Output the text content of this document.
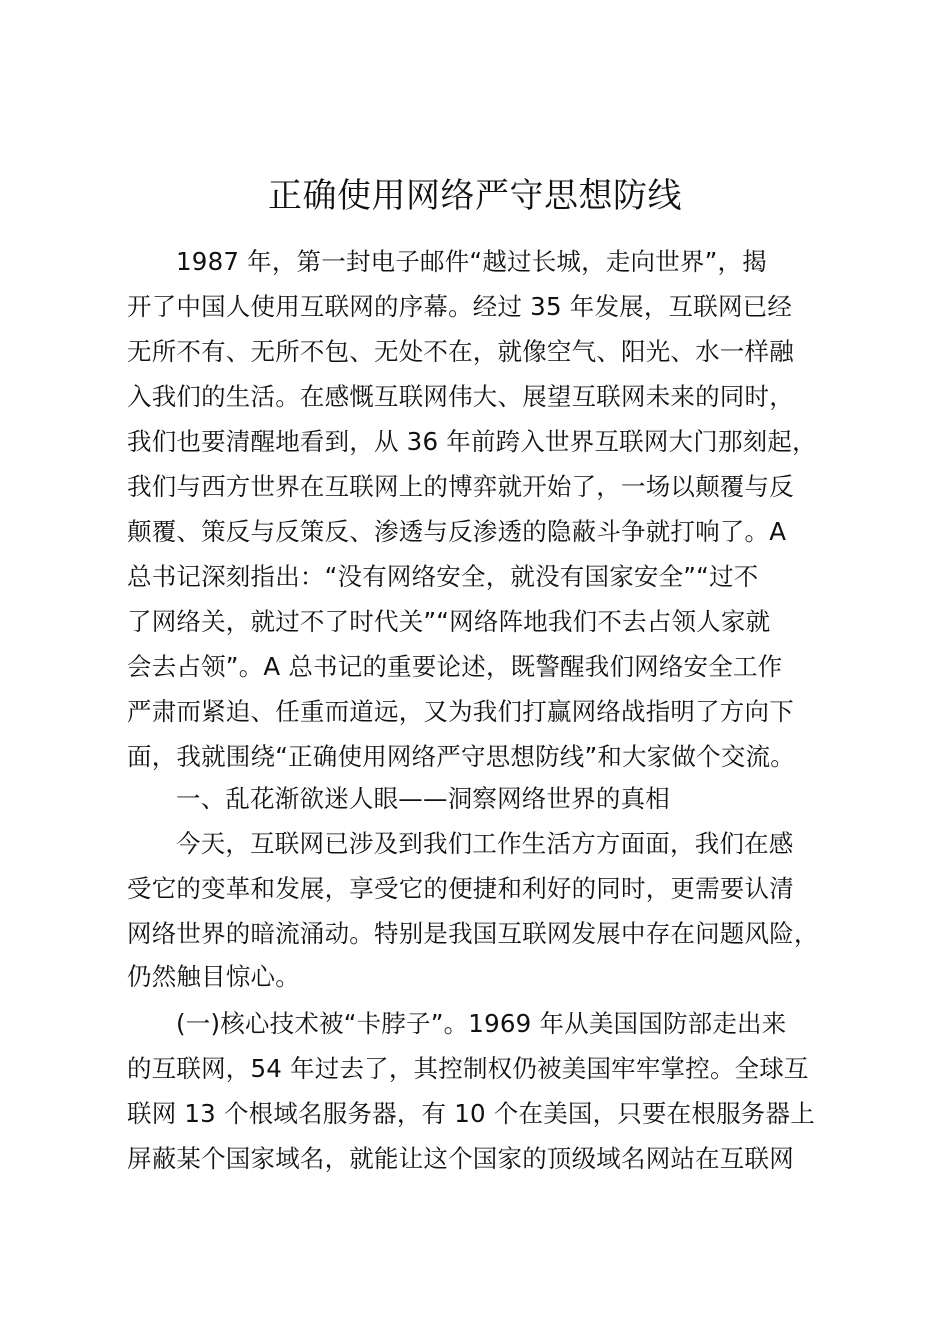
正确使用网络严守思想防线
1987 年，第一封电子邮件“越过长城，走向世界”，揭
开了中国人使用互联网的序幕。经过 35 年发展，互联网已经
无所不有、无所不包、无处不在，就像空气、阳光、水一样融
入我们的生活。在感慨互联网伟大、展望互联网未来的同时，
我们也要清醒地看到，从 36 年前跨入世界互联网大门那刻起，
我们与西方世界在互联网上的博弈就开始了，一场以颠覆与反
颠覆、策反与反策反、渗透与反渗透的隐蔽斗争就打响了。A
总书记深刻指出：“没有网络安全，就没有国家安全”“过不
了网络关，就过不了时代关”“网络阵地我们不去占领人家就
会去占领”。A 总书记的重要论述，既警醒我们网络安全工作
严肃而紧迫、任重而道远，又为我们打赢网络战指明了方向下
面，我就围绕“正确使用网络严守思想防线”和大家做个交流。
一、乱花渐欲迷人眼——洞察网络世界的真相
今天，互联网已涉及到我们工作生活方方面面，我们在感
受它的变革和发展，享受它的便捷和利好的同时，更需要认清
网络世界的暗流涌动。特别是我国互联网发展中存在问题风险，
仍然触目惊心。
(一)核心技术被“卡脖子”。1969 年从美国国防部走出来
的互联网，54 年过去了，其控制权仍被美国牢牢掌控。全球互
联网 13 个根域名服务器，有 10 个在美国，只要在根服务器上
屏蔽某个国家域名，就能让这个国家的顶级域名网站在互联网
